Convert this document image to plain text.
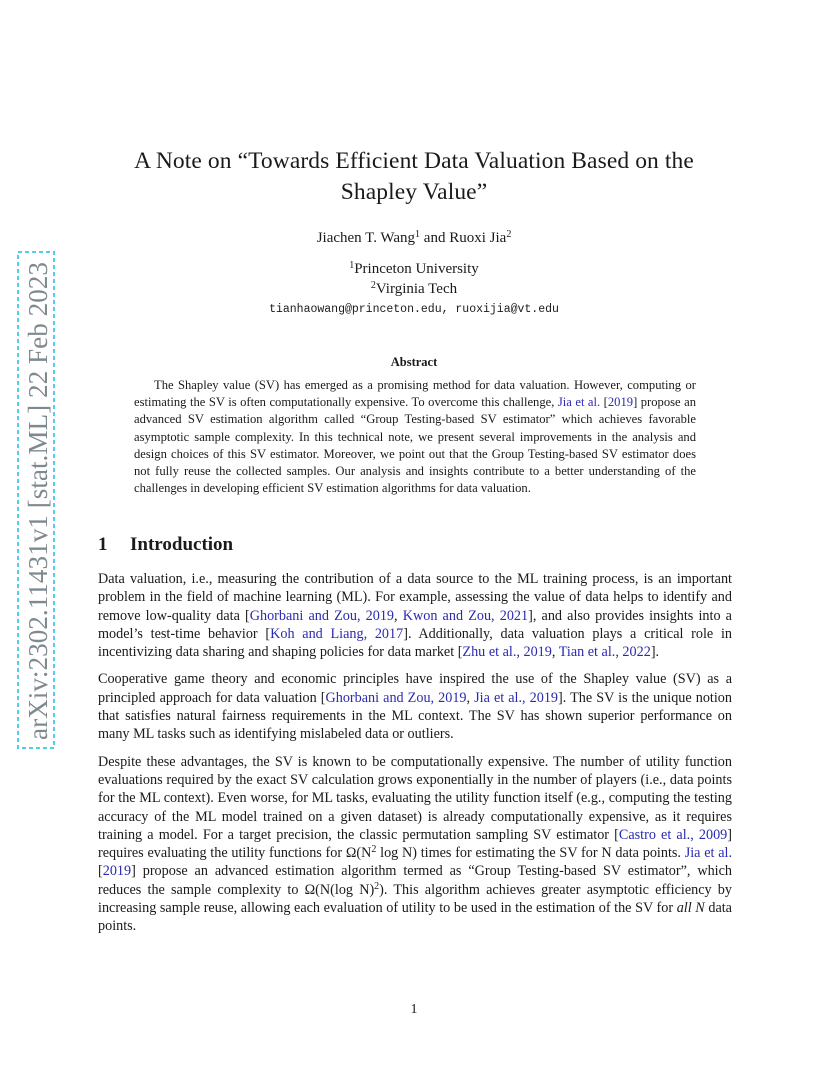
arXiv:2302.11431v1 [stat.ML] 22 Feb 2023
A Note on “Towards Efficient Data Valuation Based on the Shapley Value”
Jiachen T. Wang$^1$ and Ruoxi Jia$^2$
$^1$Princeton University
$^2$Virginia Tech
tianhaowang@princeton.edu, ruoxijia@vt.edu
Abstract

The Shapley value (SV) has emerged as a promising method for data valuation. However, computing or estimating the SV is often computationally expensive. To overcome this challenge, Jia et al. [2019] propose an advanced SV estimation algorithm called “Group Testing-based SV estimator” which achieves favorable asymptotic sample complexity. In this technical note, we present several improvements in the analysis and design choices of this SV estimator. Moreover, we point out that the Group Testing-based SV estimator does not fully reuse the collected samples. Our analysis and insights contribute to a better understanding of the challenges in developing efficient SV estimation algorithms for data valuation.

1 Introduction

Data valuation, i.e., measuring the contribution of a data source to the ML training process, is an important problem in the field of machine learning (ML). For example, assessing the value of data helps to identify and remove low-quality data [Ghorbani and Zou, 2019, Kwon and Zou, 2021], and also provides insights into a model’s test-time behavior [Koh and Liang, 2017]. Additionally, data valuation plays a critical role in incentivizing data sharing and shaping policies for data market [Zhu et al., 2019, Tian et al., 2022].

Cooperative game theory and economic principles have inspired the use of the Shapley value (SV) as a principled approach for data valuation [Ghorbani and Zou, 2019, Jia et al., 2019]. The SV is the unique notion that satisfies natural fairness requirements in the ML context. The SV has shown superior performance on many ML tasks such as identifying mislabeled data or outliers.

Despite these advantages, the SV is known to be computationally expensive. The number of utility function evaluations required by the exact SV calculation grows exponentially in the number of players (i.e., data points for the ML context). Even worse, for ML tasks, evaluating the utility function itself (e.g., computing the testing accuracy of the ML model trained on a given dataset) is already computationally expensive, as it requires training a model. For a target precision, the classic permutation sampling SV estimator [Castro et al., 2009] requires evaluating the utility functions for $\Omega(N^2$ log N) times for estimating the SV for N data points. Jia et al. [2019] propose an advanced estimation algorithm termed as “Group Testing-based SV estimator”, which reduces the sample complexity to Ω(N(log N)$^2$). This algorithm achieves greater asymptotic efficiency by increasing sample reuse, allowing each evaluation of utility to be used in the estimation of the SV for all N data points.

1
